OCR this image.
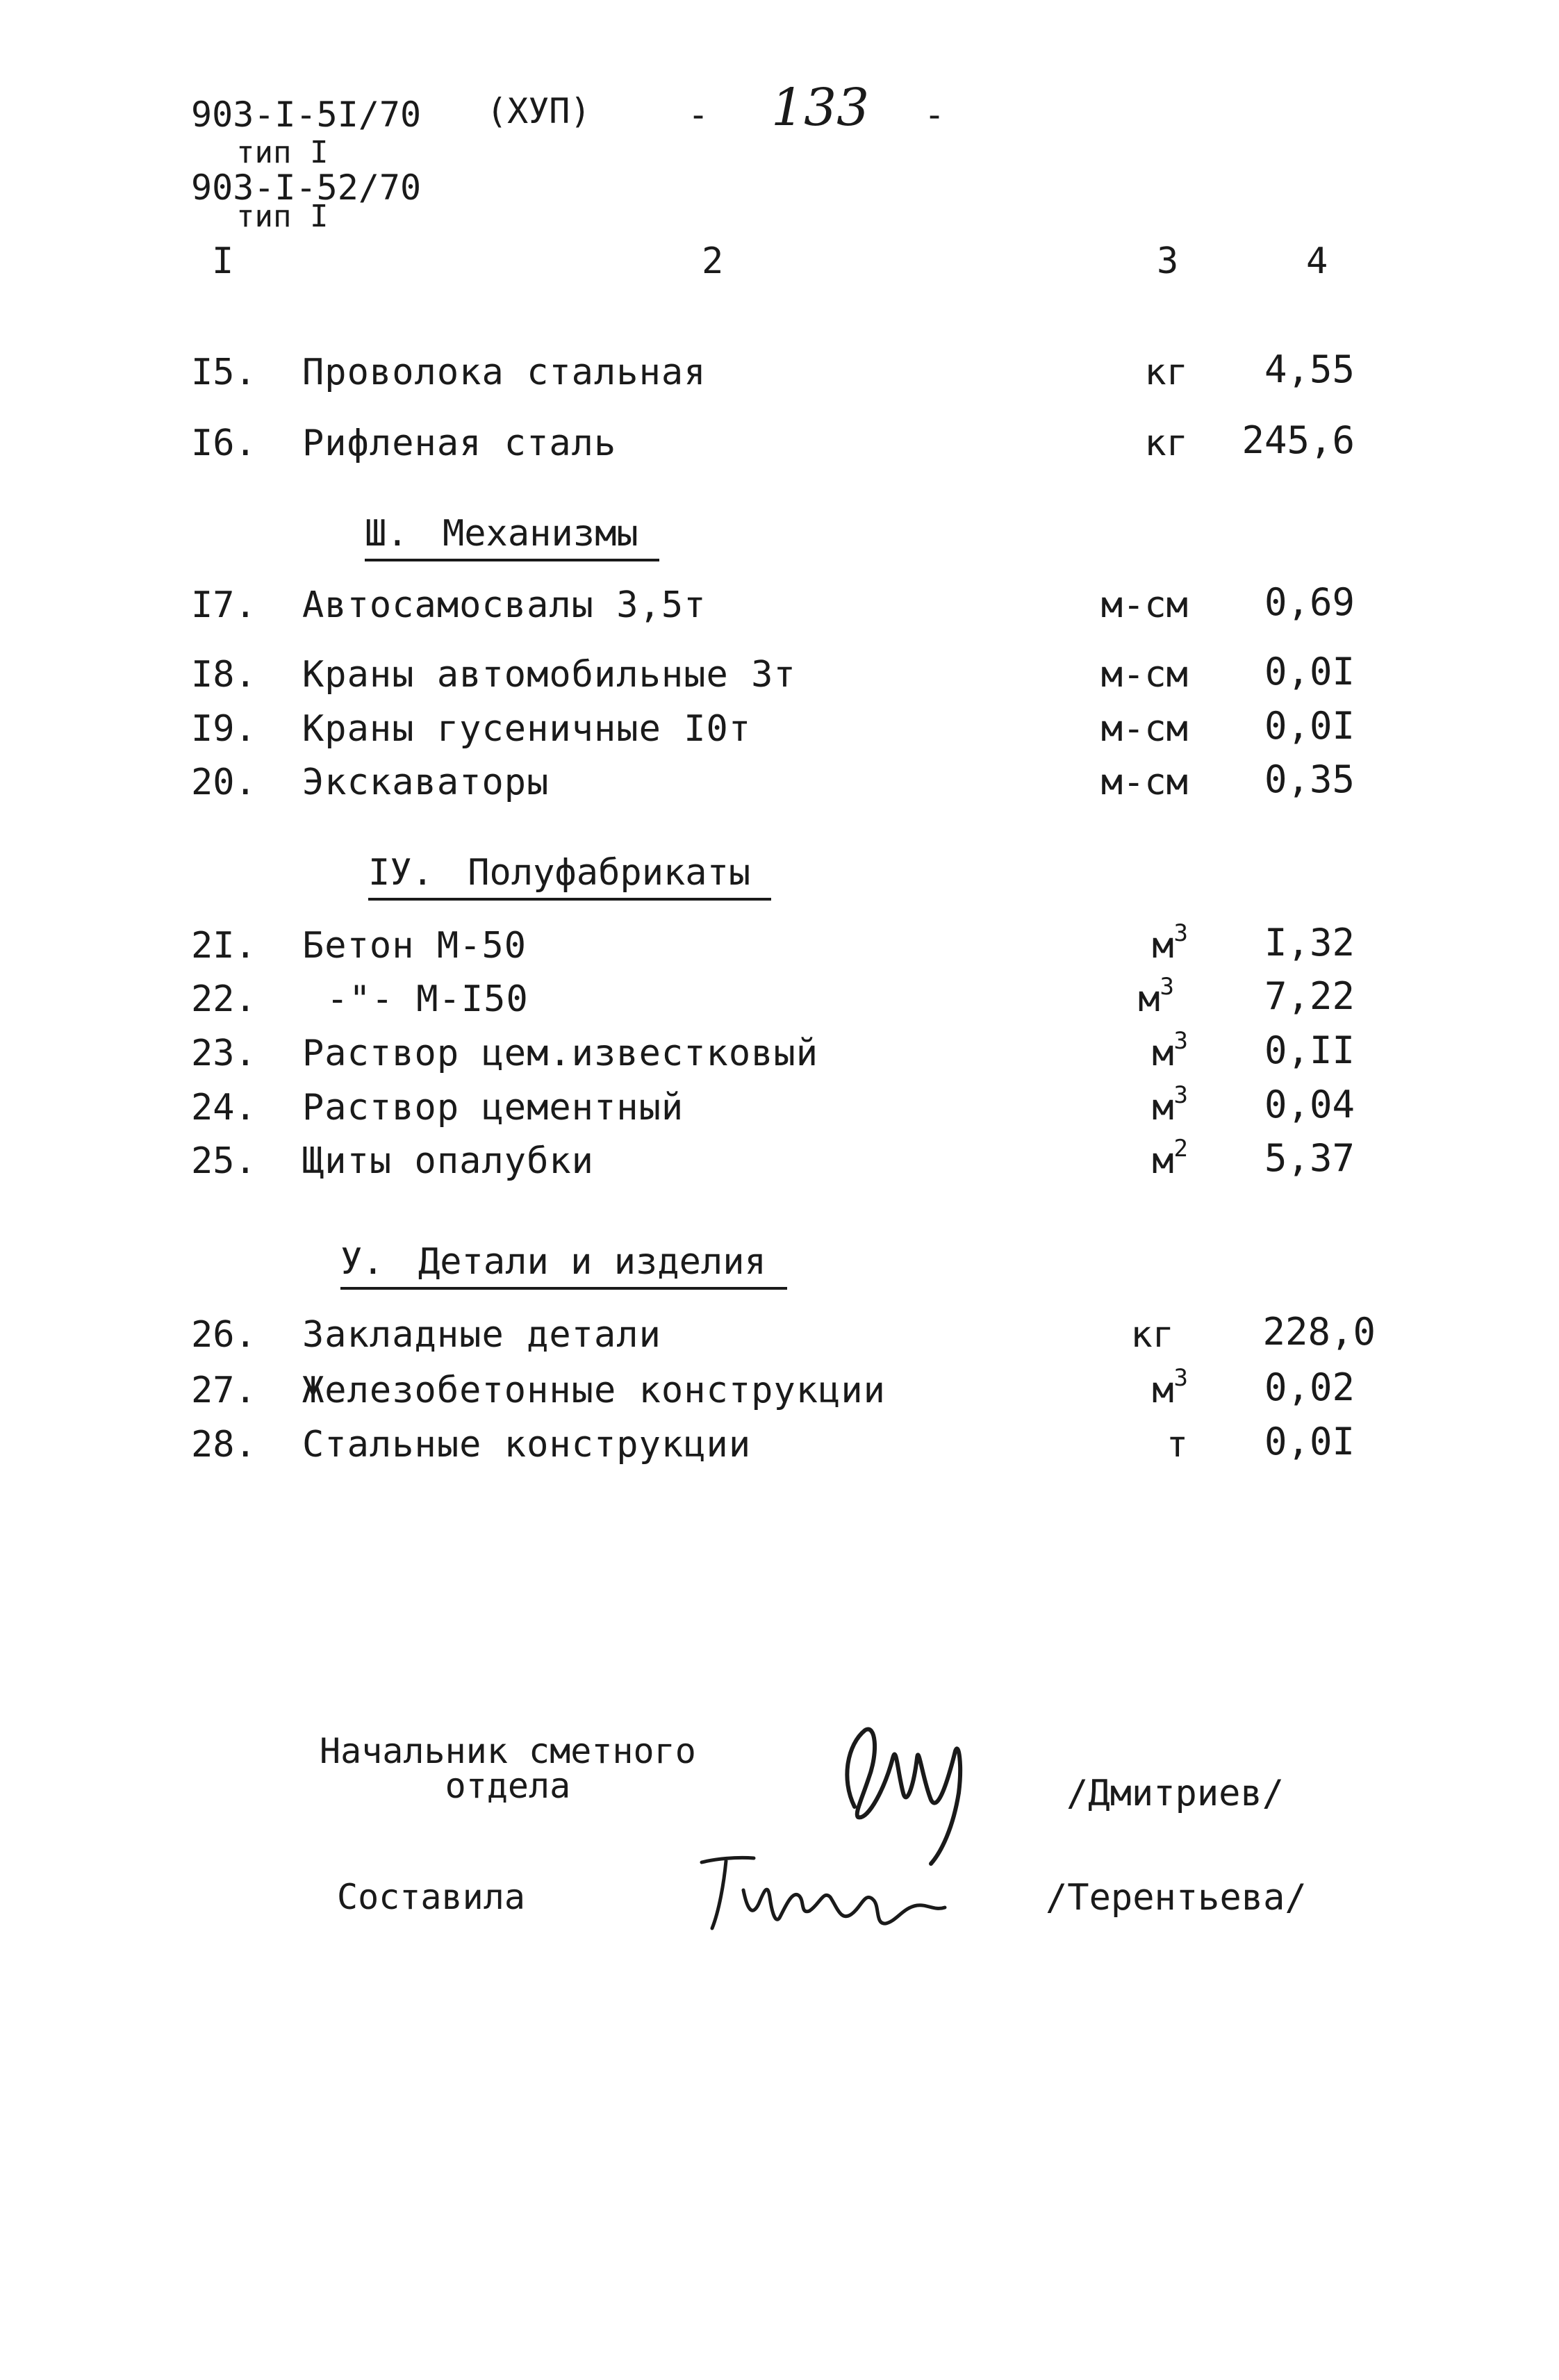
903-I-5I/70 (ХУП)	- 133 -
тип I
903-I-52/70
тип I
I	2	3	4
I5. Проволока стальная	кг	4,55
I6. Рифленая сталь	кг	245,6
Ш. Механизмы
I7. Автосамосвалы 3,5т	м-см	0,69
I8. Краны автомобильные 3т	м-см	0,0I
I9. Краны гусеничные I0т	м-см	0,0I
20. Экскаваторы	м-см	0,35
IУ. Полуфабрикаты
2I. Бетон М-50	$м^3$	I,32
22.	-"- М-I50	$м^3$	7,22
23. Раствор цем.известковый	$м^3$	0,II
24. Раствор цементный	$м^3$	0,04
25. Щиты опалубки	$м^2$	5,37
У. Детали и изделия
26. Закладные детали	кг	228,0
27. Железобетонные конструкции	$м^3$	0,02
28. Стальные конструкции	т	0,0I
Начальник сметного
отдела	/Дмитриев/
Составила	/Терентьева/
